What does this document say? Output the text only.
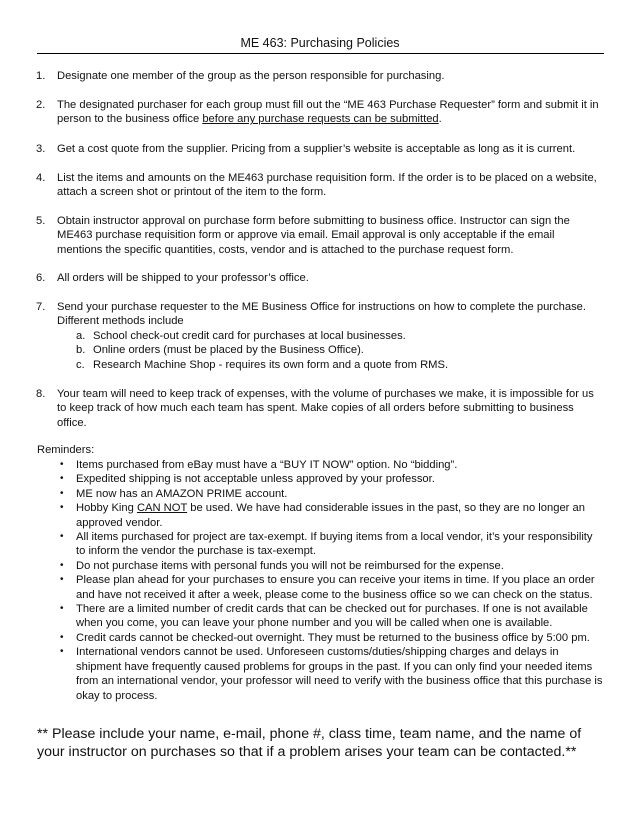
ME 463: Purchasing Policies
1. Designate one member of the group as the person responsible for purchasing.
2. The designated purchaser for each group must fill out the “ME 463 Purchase Requester” form and submit it in person to the business office before any purchase requests can be submitted.
3. Get a cost quote from the supplier. Pricing from a supplier’s website is acceptable as long as it is current.
4. List the items and amounts on the ME463 purchase requisition form. If the order is to be placed on a website, attach a screen shot or printout of the item to the form.
5. Obtain instructor approval on purchase form before submitting to business office. Instructor can sign the ME463 purchase requisition form or approve via email. Email approval is only acceptable if the email mentions the specific quantities, costs, vendor and is attached to the purchase request form.
6. All orders will be shipped to your professor’s office.
7. Send your purchase requester to the ME Business Office for instructions on how to complete the purchase. Different methods include
a. School check-out credit card for purchases at local businesses.
b. Online orders (must be placed by the Business Office).
c. Research Machine Shop - requires its own form and a quote from RMS.
8. Your team will need to keep track of expenses, with the volume of purchases we make, it is impossible for us to keep track of how much each team has spent. Make copies of all orders before submitting to business office.
Reminders:
• Items purchased from eBay must have a “BUY IT NOW” option. No “bidding”.
• Expedited shipping is not acceptable unless approved by your professor.
• ME now has an AMAZON PRIME account.
• Hobby King CAN NOT be used. We have had considerable issues in the past, so they are no longer an approved vendor.
• All items purchased for project are tax-exempt. If buying items from a local vendor, it’s your responsibility to inform the vendor the purchase is tax-exempt.
• Do not purchase items with personal funds you will not be reimbursed for the expense.
• Please plan ahead for your purchases to ensure you can receive your items in time. If you place an order and have not received it after a week, please come to the business office so we can check on the status.
• There are a limited number of credit cards that can be checked out for purchases. If one is not available when you come, you can leave your phone number and you will be called when one is available.
• Credit cards cannot be checked-out overnight. They must be returned to the business office by 5:00 pm.
• International vendors cannot be used. Unforeseen customs/duties/shipping charges and delays in shipment have frequently caused problems for groups in the past. If you can only find your needed items from an international vendor, your professor will need to verify with the business office that this purchase is okay to process.
** Please include your name, e-mail, phone #, class time, team name, and the name of your instructor on purchases so that if a problem arises your team can be contacted.**
